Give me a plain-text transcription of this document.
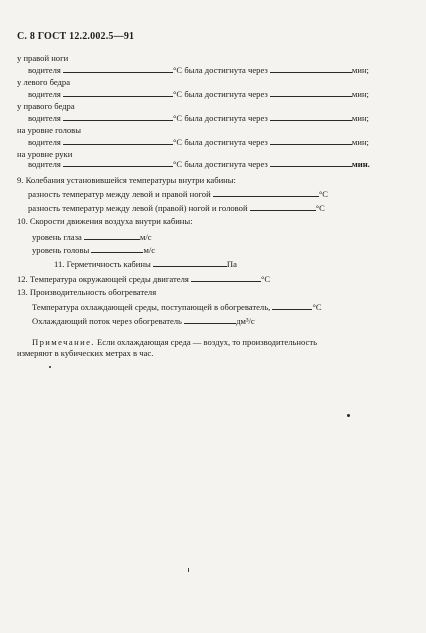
С. 8 ГОСТ 12.2.002.5—91
у правой ноги
водителя	°С была достигнута через	мин;
у левого бедра
водителя	°С была достигнута через	мин;
у правого бедра
водителя	°С была достигнута через	мин;
на уровне головы
водителя	°С была достигнута через	мин;
на уровне руки
водителя	°С была достигнута через	мин.
9. Колебания установившейся температуры внутри кабины:
разность температур между левой и правой ногой	°С
разность температур между левой (правой) ногой и головой	°С
10. Скорости движения воздуха внутри кабины:
уровень глаза	м/с
уровень головы	м/с
11. Герметичность кабины	Па
12. Температура окружающей среды двигателя	°С
13. Производительность обогревателя
Температура охлаждающей среды, поступающей в обогреватель,	°С
Охлаждающий поток через обогреватель	дм³/с
Примечание. Если охлаждающая среда — воздух, то производительность
измеряют в кубических метрах в час.
